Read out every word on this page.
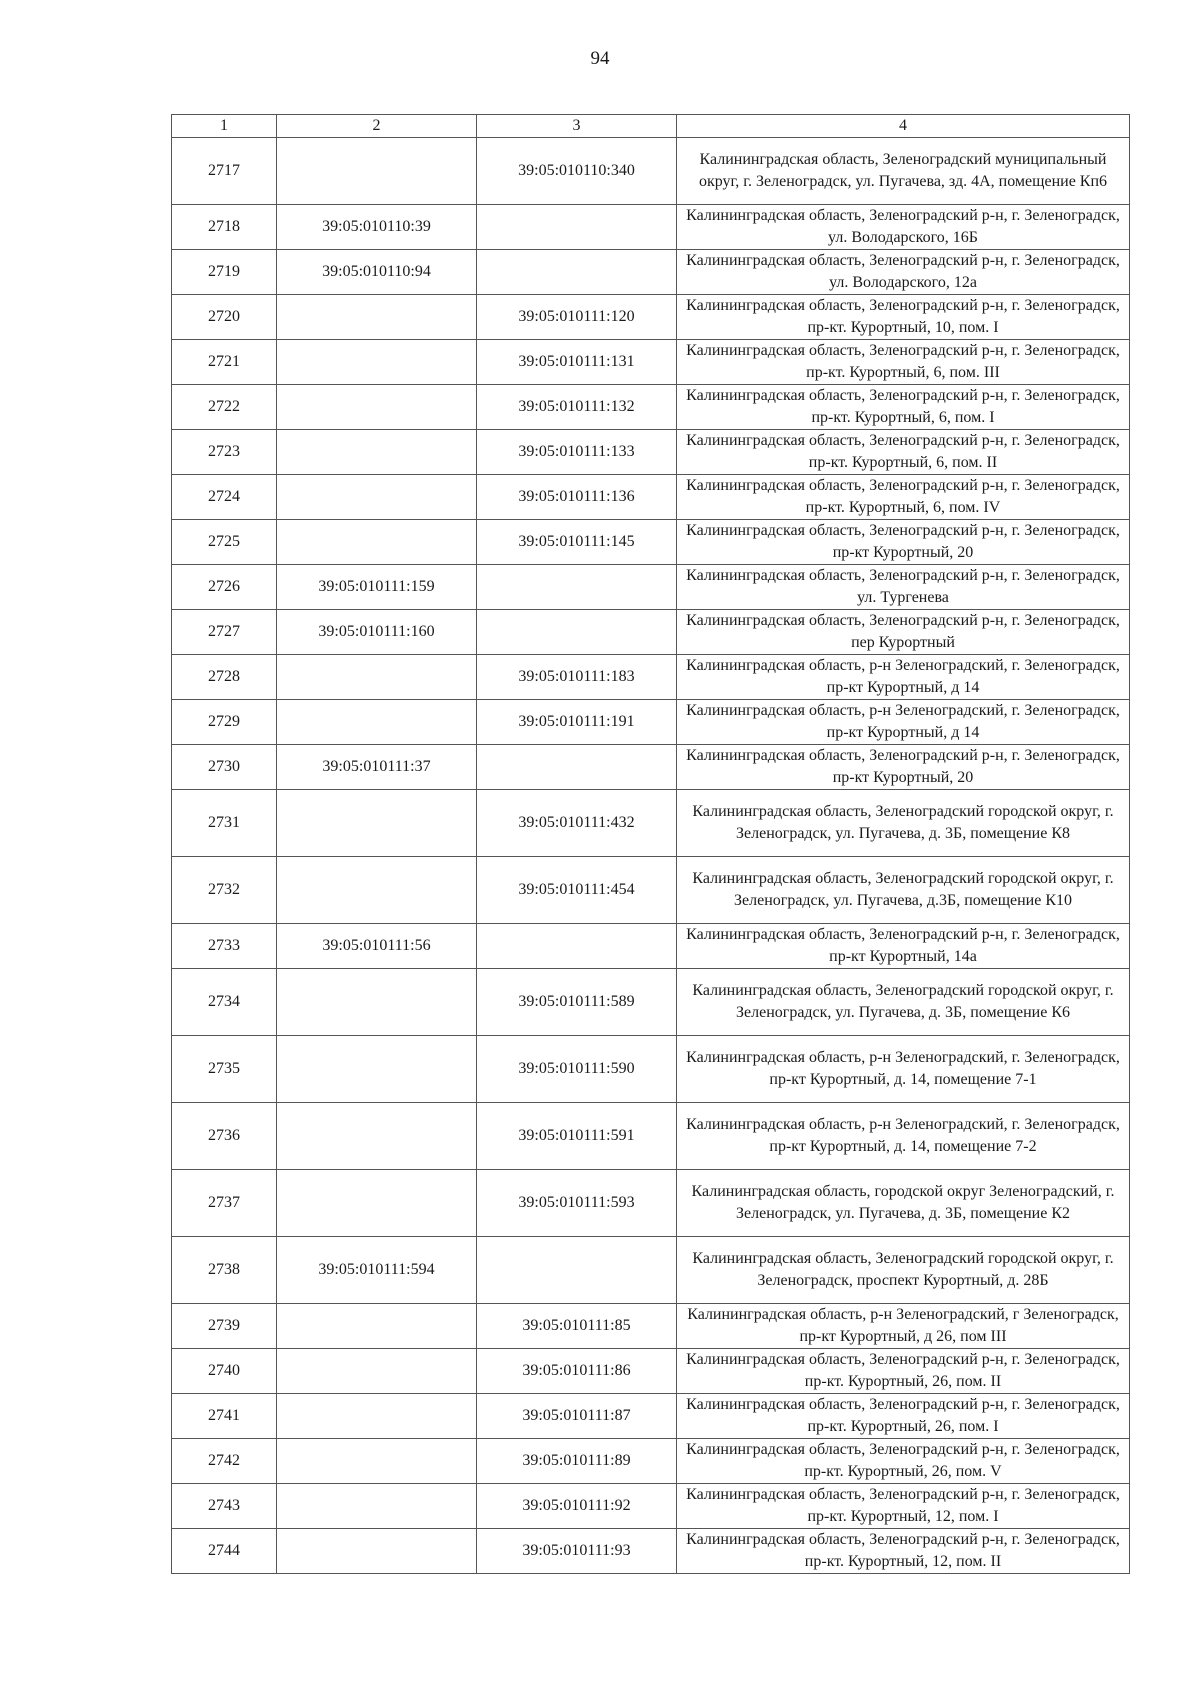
94
1	2	3	4
2717		39:05:010110:340	Калининградская область, Зеленоградский муниципальный округ, г. Зеленоградск, ул. Пугачева, зд. 4А, помещение Кп6
2718	39:05:010110:39		Калининградская область, Зеленоградский р-н, г. Зеленоградск, ул. Володарского, 16Б
2719	39:05:010110:94		Калининградская область, Зеленоградский р-н, г. Зеленоградск, ул. Володарского, 12а
2720		39:05:010111:120	Калининградская область, Зеленоградский р-н, г. Зеленоградск, пр-кт. Курортный, 10, пом. I
2721		39:05:010111:131	Калининградская область, Зеленоградский р-н, г. Зеленоградск, пр-кт. Курортный, 6, пом. III
2722		39:05:010111:132	Калининградская область, Зеленоградский р-н, г. Зеленоградск, пр-кт. Курортный, 6, пом. I
2723		39:05:010111:133	Калининградская область, Зеленоградский р-н, г. Зеленоградск, пр-кт. Курортный, 6, пом. II
2724		39:05:010111:136	Калининградская область, Зеленоградский р-н, г. Зеленоградск, пр-кт. Курортный, 6, пом. IV
2725		39:05:010111:145	Калининградская область, Зеленоградский р-н, г. Зеленоградск, пр-кт Курортный, 20
2726	39:05:010111:159		Калининградская область, Зеленоградский р-н, г. Зеленоградск, ул. Тургенева
2727	39:05:010111:160		Калининградская область, Зеленоградский р-н, г. Зеленоградск, пер Курортный
2728		39:05:010111:183	Калининградская область, р-н Зеленоградский, г. Зеленоградск, пр-кт Курортный, д 14
2729		39:05:010111:191	Калининградская область, р-н Зеленоградский, г. Зеленоградск, пр-кт Курортный, д 14
2730	39:05:010111:37		Калининградская область, Зеленоградский р-н, г. Зеленоградск, пр-кт Курортный, 20
2731		39:05:010111:432	Калининградская область, Зеленоградский городской округ, г. Зеленоградск, ул. Пугачева, д. 3Б, помещение К8
2732		39:05:010111:454	Калининградская область, Зеленоградский городской округ, г. Зеленоградск, ул. Пугачева, д.3Б, помещение К10
2733	39:05:010111:56		Калининградская область, Зеленоградский р-н, г. Зеленоградск, пр-кт Курортный, 14а
2734		39:05:010111:589	Калининградская область, Зеленоградский городской округ, г. Зеленоградск, ул. Пугачева, д. 3Б, помещение К6
2735		39:05:010111:590	Калининградская область, р-н Зеленоградский, г. Зеленоградск, пр-кт Курортный, д. 14, помещение 7-1
2736		39:05:010111:591	Калининградская область, р-н Зеленоградский, г. Зеленоградск, пр-кт Курортный, д. 14, помещение 7-2
2737		39:05:010111:593	Калининградская область, городской округ Зеленоградский, г. Зеленоградск, ул. Пугачева, д. 3Б, помещение К2
2738	39:05:010111:594		Калининградская область, Зеленоградский городской округ, г. Зеленоградск, проспект Курортный, д. 28Б
2739		39:05:010111:85	Калининградская область, р-н Зеленоградский, г Зеленоградск, пр-кт Курортный, д 26, пом III
2740		39:05:010111:86	Калининградская область, Зеленоградский р-н, г. Зеленоградск, пр-кт. Курортный, 26, пом. II
2741		39:05:010111:87	Калининградская область, Зеленоградский р-н, г. Зеленоградск, пр-кт. Курортный, 26, пом. I
2742		39:05:010111:89	Калининградская область, Зеленоградский р-н, г. Зеленоградск, пр-кт. Курортный, 26, пом. V
2743		39:05:010111:92	Калининградская область, Зеленоградский р-н, г. Зеленоградск, пр-кт. Курортный, 12, пом. I
2744		39:05:010111:93	Калининградская область, Зеленоградский р-н, г. Зеленоградск, пр-кт. Курортный, 12, пом. II
